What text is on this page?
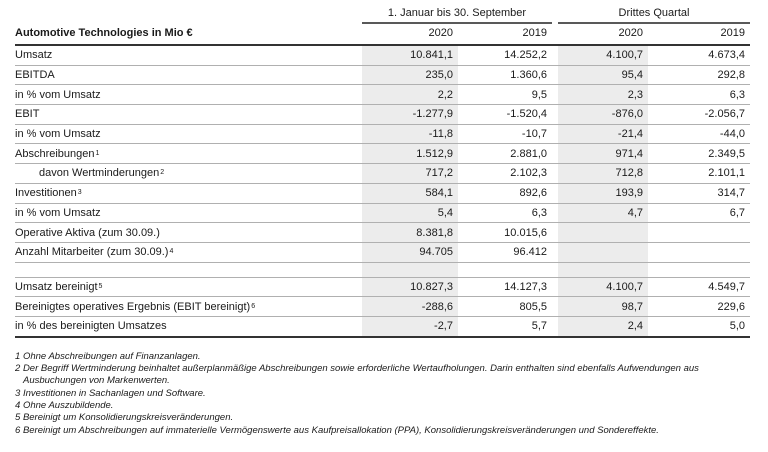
1. Januar bis 30. September	Drittes Quartal
Automotive Technologies in Mio €	2020	2019	2020	2019
Umsatz	10.841,1	14.252,2	4.100,7	4.673,4
EBITDA	235,0	1.360,6	95,4	292,8
in % vom Umsatz	2,2	9,5	2,3	6,3
EBIT	-1.277,9	-1.520,4	-876,0	-2.056,7
in % vom Umsatz	-11,8	-10,7	-21,4	-44,0
Abschreibungen 1	1.512,9	2.881,0	971,4	2.349,5
davon Wertminderungen 2	717,2	2.102,3	712,8	2.101,1
Investitionen 3	584,1	892,6	193,9	314,7
in % vom Umsatz	5,4	6,3	4,7	6,7
Operative Aktiva (zum 30.09.)	8.381,8	10.015,6
Anzahl Mitarbeiter (zum 30.09.) 4	94.705	96.412
Umsatz bereinigt 5	10.827,3	14.127,3	4.100,7	4.549,7
Bereinigtes operatives Ergebnis (EBIT bereinigt) 6	-288,6	805,5	98,7	229,6
in % des bereinigten Umsatzes	-2,7	5,7	2,4	5,0
1 Ohne Abschreibungen auf Finanzanlagen.
2 Der Begriff Wertminderung beinhaltet außerplanmäßige Abschreibungen sowie erforderliche Wertaufholungen. Darin enthalten sind ebenfalls Aufwendungen aus Ausbuchungen von Markenwerten.
3 Investitionen in Sachanlagen und Software.
4 Ohne Auszubildende.
5 Bereinigt um Konsolidierungskreisveränderungen.
6 Bereinigt um Abschreibungen auf immaterielle Vermögenswerte aus Kaufpreisallokation (PPA), Konsolidierungskreisveränderungen und Sondereffekte.
